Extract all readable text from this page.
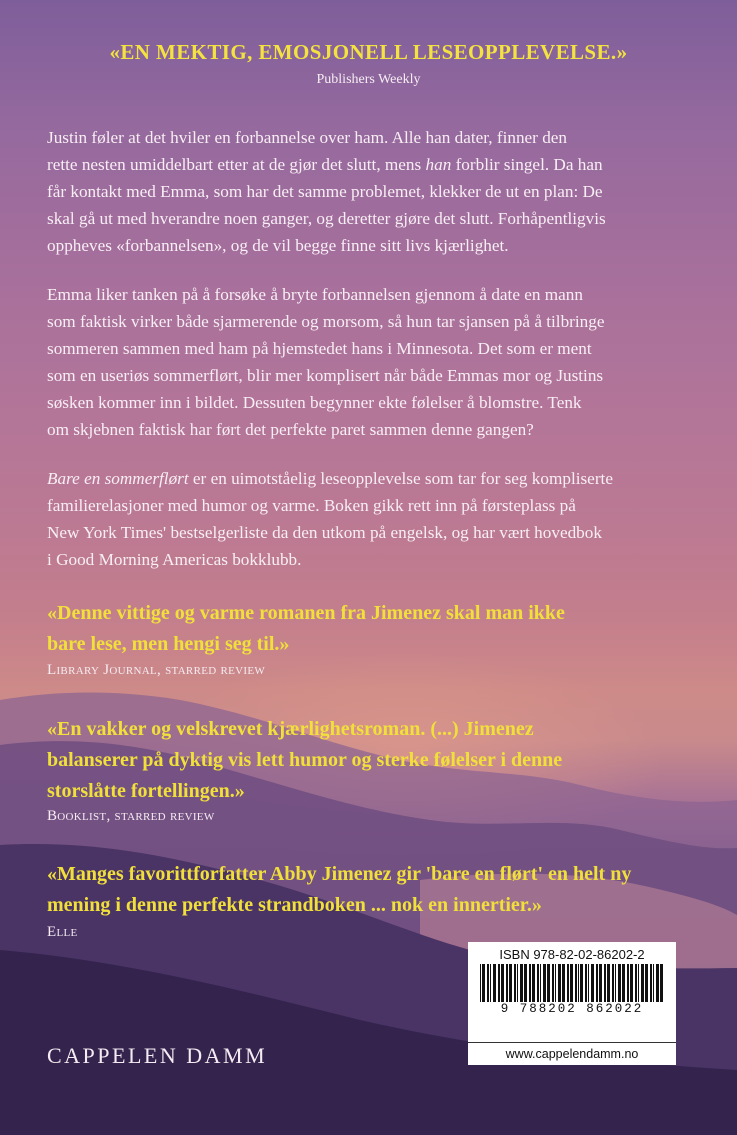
«EN MEKTIG, EMOSJONELL LESEOPPLEVELSE.»
Publishers Weekly
Justin føler at det hviler en forbannelse over ham. Alle han dater, finner den
rette nesten umiddelbart etter at de gjør det slutt, mens han forblir singel. Da han
får kontakt med Emma, som har det samme problemet, klekker de ut en plan: De
skal gå ut med hverandre noen ganger, og deretter gjøre det slutt. Forhåpentligvis
oppheves «forbannelsen», og de vil begge finne sitt livs kjærlighet.
Emma liker tanken på å forsøke å bryte forbannelsen gjennom å date en mann
som faktisk virker både sjarmerende og morsom, så hun tar sjansen på å tilbringe
sommeren sammen med ham på hjemstedet hans i Minnesota. Det som er ment
som en useriøs sommerflørt, blir mer komplisert når både Emmas mor og Justins
søsken kommer inn i bildet. Dessuten begynner ekte følelser å blomstre. Tenk
om skjebnen faktisk har ført det perfekte paret sammen denne gangen?
Bare en sommerflørt er en uimotståelig leseopplevelse som tar for seg kompliserte
familierelasjoner med humor og varme. Boken gikk rett inn på førsteplass på
New York Times' bestselgerliste da den utkom på engelsk, og har vært hovedbok
i Good Morning Americas bokklubb.
«Denne vittige og varme romanen fra Jimenez skal man ikke
bare lese, men hengi seg til.»
Library Journal, starred review
«En vakker og velskrevet kjærlighetsroman. (...) Jimenez
balanserer på dyktig vis lett humor og sterke følelser i denne
storslåtte fortellingen.»
Booklist, starred review
«Manges favorittforfatter Abby Jimenez gir 'bare en flørt' en helt ny
mening i denne perfekte strandboken ... nok en innertier.»
Elle
ISBN 978-82-02-86202-2
9 788202 862022
www.cappelendamm.no
CAPPELEN DAMM
